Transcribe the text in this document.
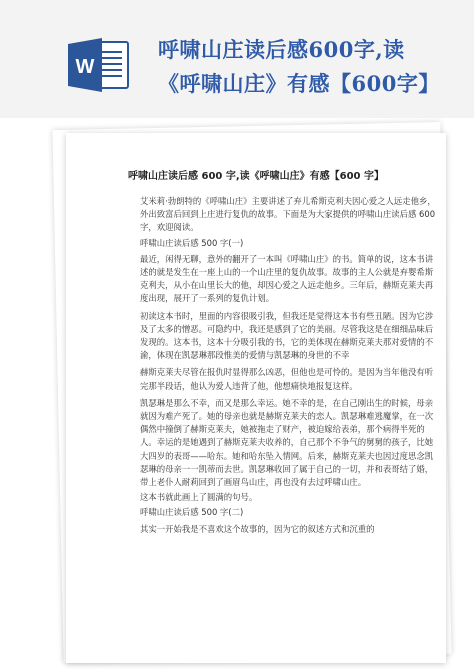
W
呼啸山庄读后感600字,读
《呼啸山庄》有感【600字】
呼啸山庄读后感 600 字,读《呼啸山庄》有感【600 字】

艾米莉·勃朗特的《呼啸山庄》主要讲述了弃儿希斯克利夫因心爱之人远走他乡，外出致富后回到上庄进行复仇的故事。下面是为大家提供的呼啸山庄读后感 600 字，欢迎阅读。

呼啸山庄读后感 500 字(一)

最近，闲得无聊，意外的翻开了一本叫《呼啸山庄》的书。简单的说，这本书讲述的就是发生在一座上山的一个山庄里的复仇故事。故事的主人公就是弃婴希斯克利夫，从小在山里长大的他，却因心爱之人远走他乡。三年后，赫斯克莱夫再度出现，展开了一系列的复仇计划。

初读这本书时，里面的内容很吸引我，但我还是觉得这本书有些丑陋。因为它涉及了太多的憎恶。可隐约中，我还是感到了它的美丽。尽管我这是在细细品味后发现的。这本书，这本十分吸引我的书，它的美体现在赫斯克莱夫那对爱情的不渝，体现在凯瑟琳那段惟美的爱情与凯瑟琳的身世的不幸

赫斯克莱夫尽管在报仇时显得那么凶恶，但他也是可怜的。是因为当年他没有听完那半段话，他认为爱人违背了他，他想痛快地报复这样。

凯瑟琳是那么不幸，而又是那么幸运。她不幸的是，在自己刚出生的时候，母亲就因为难产死了。她的母亲也就是赫斯克莱夫的恋人。凯瑟琳难逃魔掌，在一次偶然中撞倒了赫斯克莱夫，她被拖走了财产，被迫嫁给表弟，那个病得半死的人。幸运的是她遇到了赫斯克莱夫收养的，自己那个不争气的舅舅的孩子，比她大四岁的表哥——哈东。她和哈东坠入情网。后来，赫斯克莱夫也因过度思念凯瑟琳的母亲一一凯蒂而去世。凯瑟琳收回了属于自己的一切，并和表哥结了婚，带上老仆人耐莉回到了画眉鸟山庄，再也没有去过呼啸山庄。

这本书就此画上了圆满的句号。

呼啸山庄读后感 500 字(二)

其实一开始我是不喜欢这个故事的，因为它的叙述方式和沉重的
